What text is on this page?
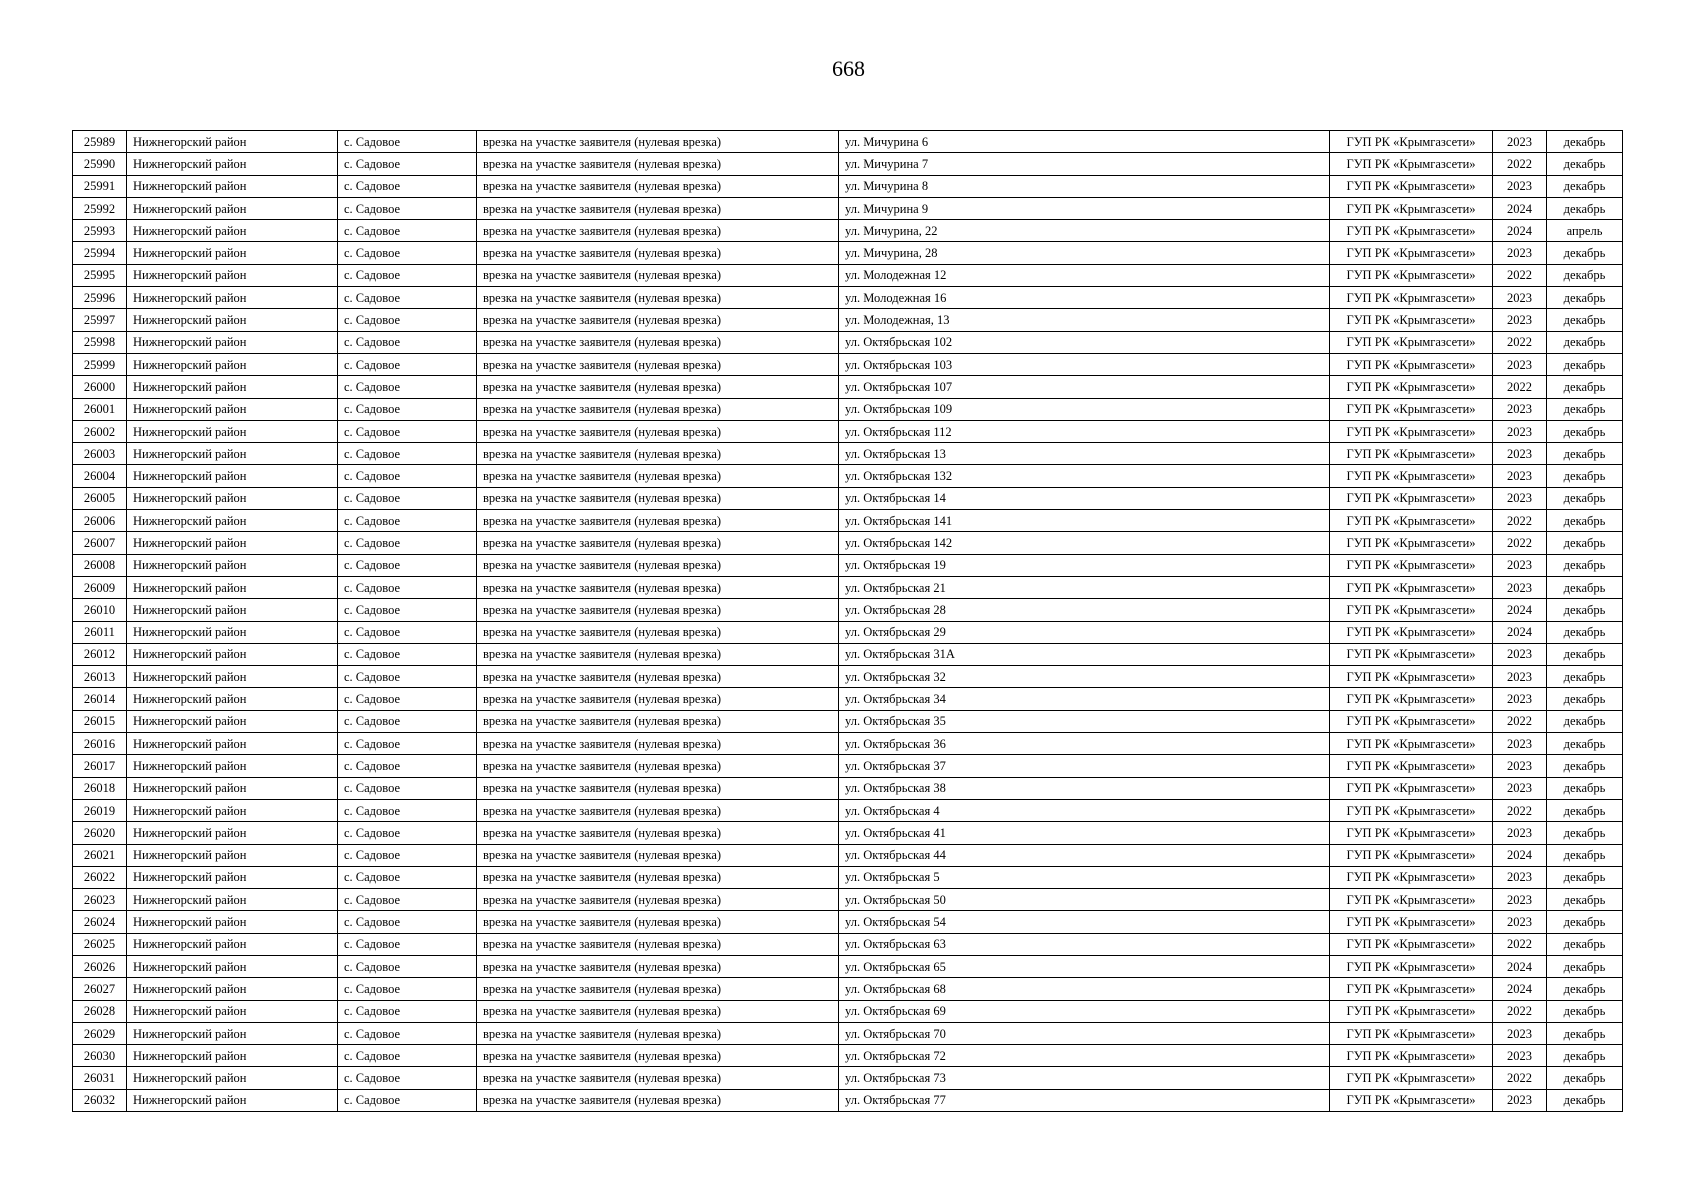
668
25989	Нижнегорский район	с. Садовое	врезка на участке заявителя (нулевая врезка)	ул. Мичурина 6	ГУП РК «Крымгазсети»	2023	декабрь
25990	Нижнегорский район	с. Садовое	врезка на участке заявителя (нулевая врезка)	ул. Мичурина 7	ГУП РК «Крымгазсети»	2022	декабрь
25991	Нижнегорский район	с. Садовое	врезка на участке заявителя (нулевая врезка)	ул. Мичурина 8	ГУП РК «Крымгазсети»	2023	декабрь
25992	Нижнегорский район	с. Садовое	врезка на участке заявителя (нулевая врезка)	ул. Мичурина 9	ГУП РК «Крымгазсети»	2024	декабрь
25993	Нижнегорский район	с. Садовое	врезка на участке заявителя (нулевая врезка)	ул. Мичурина, 22	ГУП РК «Крымгазсети»	2024	апрель
25994	Нижнегорский район	с. Садовое	врезка на участке заявителя (нулевая врезка)	ул. Мичурина, 28	ГУП РК «Крымгазсети»	2023	декабрь
25995	Нижнегорский район	с. Садовое	врезка на участке заявителя (нулевая врезка)	ул. Молодежная 12	ГУП РК «Крымгазсети»	2022	декабрь
25996	Нижнегорский район	с. Садовое	врезка на участке заявителя (нулевая врезка)	ул. Молодежная 16	ГУП РК «Крымгазсети»	2023	декабрь
25997	Нижнегорский район	с. Садовое	врезка на участке заявителя (нулевая врезка)	ул. Молодежная, 13	ГУП РК «Крымгазсети»	2023	декабрь
25998	Нижнегорский район	с. Садовое	врезка на участке заявителя (нулевая врезка)	ул. Октябрьская 102	ГУП РК «Крымгазсети»	2022	декабрь
25999	Нижнегорский район	с. Садовое	врезка на участке заявителя (нулевая врезка)	ул. Октябрьская 103	ГУП РК «Крымгазсети»	2023	декабрь
26000	Нижнегорский район	с. Садовое	врезка на участке заявителя (нулевая врезка)	ул. Октябрьская 107	ГУП РК «Крымгазсети»	2022	декабрь
26001	Нижнегорский район	с. Садовое	врезка на участке заявителя (нулевая врезка)	ул. Октябрьская 109	ГУП РК «Крымгазсети»	2023	декабрь
26002	Нижнегорский район	с. Садовое	врезка на участке заявителя (нулевая врезка)	ул. Октябрьская 112	ГУП РК «Крымгазсети»	2023	декабрь
26003	Нижнегорский район	с. Садовое	врезка на участке заявителя (нулевая врезка)	ул. Октябрьская 13	ГУП РК «Крымгазсети»	2023	декабрь
26004	Нижнегорский район	с. Садовое	врезка на участке заявителя (нулевая врезка)	ул. Октябрьская 132	ГУП РК «Крымгазсети»	2023	декабрь
26005	Нижнегорский район	с. Садовое	врезка на участке заявителя (нулевая врезка)	ул. Октябрьская 14	ГУП РК «Крымгазсети»	2023	декабрь
26006	Нижнегорский район	с. Садовое	врезка на участке заявителя (нулевая врезка)	ул. Октябрьская 141	ГУП РК «Крымгазсети»	2022	декабрь
26007	Нижнегорский район	с. Садовое	врезка на участке заявителя (нулевая врезка)	ул. Октябрьская 142	ГУП РК «Крымгазсети»	2022	декабрь
26008	Нижнегорский район	с. Садовое	врезка на участке заявителя (нулевая врезка)	ул. Октябрьская 19	ГУП РК «Крымгазсети»	2023	декабрь
26009	Нижнегорский район	с. Садовое	врезка на участке заявителя (нулевая врезка)	ул. Октябрьская 21	ГУП РК «Крымгазсети»	2023	декабрь
26010	Нижнегорский район	с. Садовое	врезка на участке заявителя (нулевая врезка)	ул. Октябрьская 28	ГУП РК «Крымгазсети»	2024	декабрь
26011	Нижнегорский район	с. Садовое	врезка на участке заявителя (нулевая врезка)	ул. Октябрьская 29	ГУП РК «Крымгазсети»	2024	декабрь
26012	Нижнегорский район	с. Садовое	врезка на участке заявителя (нулевая врезка)	ул. Октябрьская 31А	ГУП РК «Крымгазсети»	2023	декабрь
26013	Нижнегорский район	с. Садовое	врезка на участке заявителя (нулевая врезка)	ул. Октябрьская 32	ГУП РК «Крымгазсети»	2023	декабрь
26014	Нижнегорский район	с. Садовое	врезка на участке заявителя (нулевая врезка)	ул. Октябрьская 34	ГУП РК «Крымгазсети»	2023	декабрь
26015	Нижнегорский район	с. Садовое	врезка на участке заявителя (нулевая врезка)	ул. Октябрьская 35	ГУП РК «Крымгазсети»	2022	декабрь
26016	Нижнегорский район	с. Садовое	врезка на участке заявителя (нулевая врезка)	ул. Октябрьская 36	ГУП РК «Крымгазсети»	2023	декабрь
26017	Нижнегорский район	с. Садовое	врезка на участке заявителя (нулевая врезка)	ул. Октябрьская 37	ГУП РК «Крымгазсети»	2023	декабрь
26018	Нижнегорский район	с. Садовое	врезка на участке заявителя (нулевая врезка)	ул. Октябрьская 38	ГУП РК «Крымгазсети»	2023	декабрь
26019	Нижнегорский район	с. Садовое	врезка на участке заявителя (нулевая врезка)	ул. Октябрьская 4	ГУП РК «Крымгазсети»	2022	декабрь
26020	Нижнегорский район	с. Садовое	врезка на участке заявителя (нулевая врезка)	ул. Октябрьская 41	ГУП РК «Крымгазсети»	2023	декабрь
26021	Нижнегорский район	с. Садовое	врезка на участке заявителя (нулевая врезка)	ул. Октябрьская 44	ГУП РК «Крымгазсети»	2024	декабрь
26022	Нижнегорский район	с. Садовое	врезка на участке заявителя (нулевая врезка)	ул. Октябрьская 5	ГУП РК «Крымгазсети»	2023	декабрь
26023	Нижнегорский район	с. Садовое	врезка на участке заявителя (нулевая врезка)	ул. Октябрьская 50	ГУП РК «Крымгазсети»	2023	декабрь
26024	Нижнегорский район	с. Садовое	врезка на участке заявителя (нулевая врезка)	ул. Октябрьская 54	ГУП РК «Крымгазсети»	2023	декабрь
26025	Нижнегорский район	с. Садовое	врезка на участке заявителя (нулевая врезка)	ул. Октябрьская 63	ГУП РК «Крымгазсети»	2022	декабрь
26026	Нижнегорский район	с. Садовое	врезка на участке заявителя (нулевая врезка)	ул. Октябрьская 65	ГУП РК «Крымгазсети»	2024	декабрь
26027	Нижнегорский район	с. Садовое	врезка на участке заявителя (нулевая врезка)	ул. Октябрьская 68	ГУП РК «Крымгазсети»	2024	декабрь
26028	Нижнегорский район	с. Садовое	врезка на участке заявителя (нулевая врезка)	ул. Октябрьская 69	ГУП РК «Крымгазсети»	2022	декабрь
26029	Нижнегорский район	с. Садовое	врезка на участке заявителя (нулевая врезка)	ул. Октябрьская 70	ГУП РК «Крымгазсети»	2023	декабрь
26030	Нижнегорский район	с. Садовое	врезка на участке заявителя (нулевая врезка)	ул. Октябрьская 72	ГУП РК «Крымгазсети»	2023	декабрь
26031	Нижнегорский район	с. Садовое	врезка на участке заявителя (нулевая врезка)	ул. Октябрьская 73	ГУП РК «Крымгазсети»	2022	декабрь
26032	Нижнегорский район	с. Садовое	врезка на участке заявителя (нулевая врезка)	ул. Октябрьская 77	ГУП РК «Крымгазсети»	2023	декабрь
